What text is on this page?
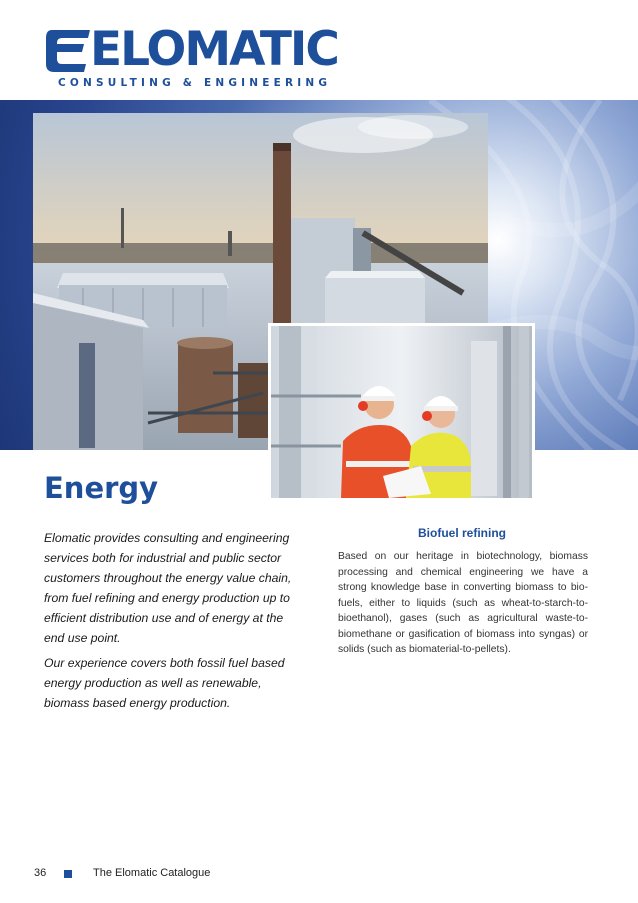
ELOMATIC
CONSULTING & ENGINEERING
Energy

Elomatic provides consulting and engineering services both for industrial and public sector customers throughout the energy value chain, from fuel refining and energy production up to efficient distribution use and of energy at the end use point.

Our experience covers both fossil fuel based energy production as well as renewable, biomass based energy production.

Biofuel refining
Based on our heritage in biotechnology, biomass processing and chemical engineering we have a strong knowledge base in converting biomass to bio-fuels, either to liquids (such as wheat-to-starch-to-bioethanol), gases (such as agricultural waste-to-biomethane or gasification of biomass into syngas) or solids (such as biomaterial-to-pellets).
36	The Elomatic Catalogue
